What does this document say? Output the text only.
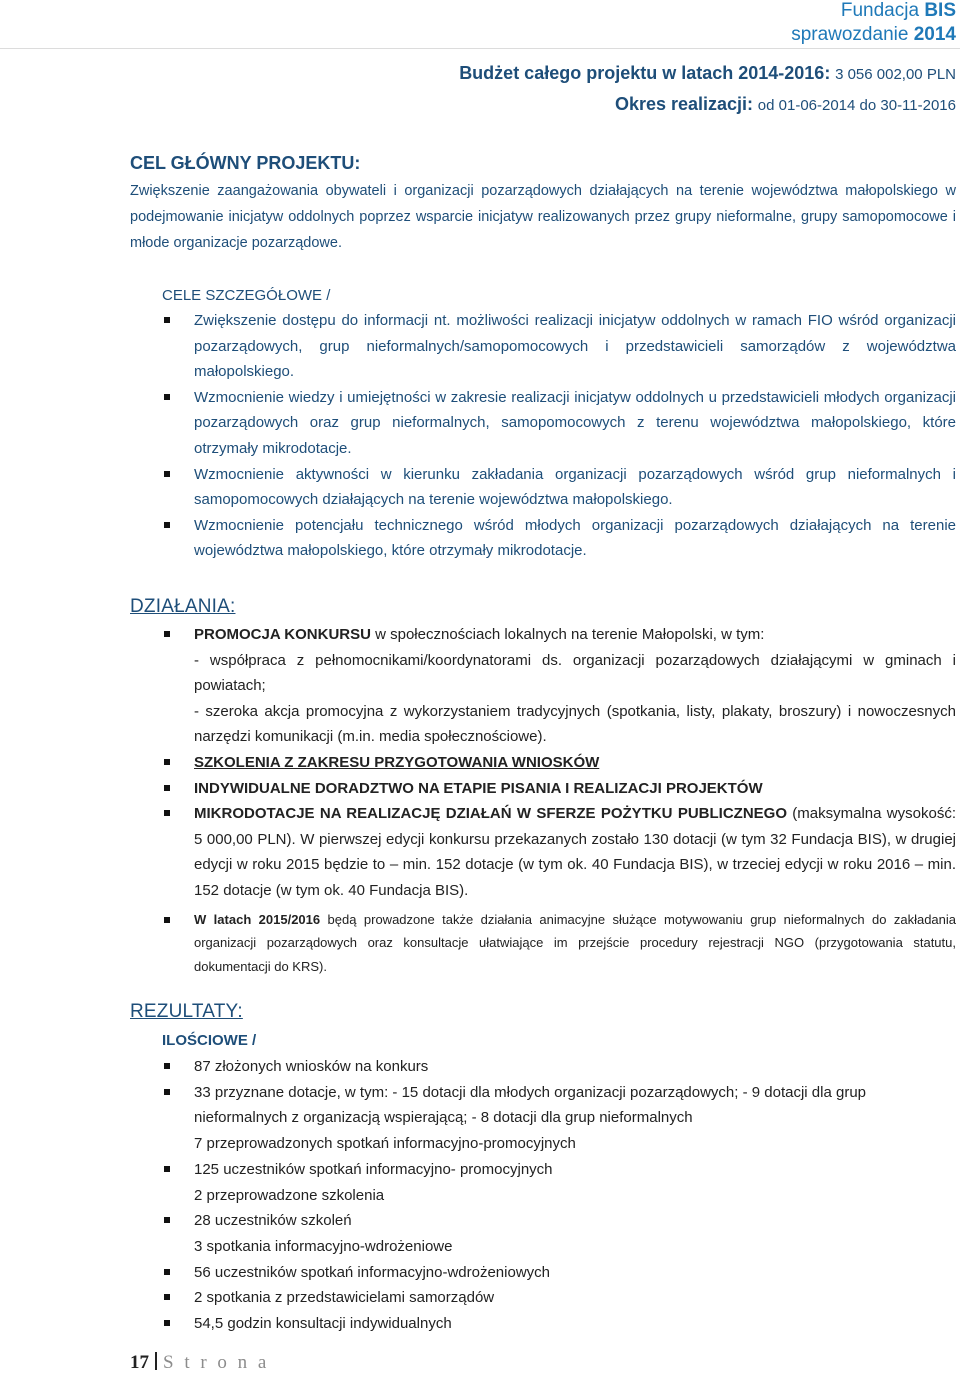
Fundacja BIS
sprawozdanie 2014
Budżet całego projektu w latach 2014-2016: 3 056 002,00 PLN
Okres realizacji: od 01-06-2014 do 30-11-2016
CEL GŁÓWNY PROJEKTU:

Zwiększenie zaangażowania obywateli i organizacji pozarządowych działających na terenie województwa małopolskiego w podejmowanie inicjatyw oddolnych poprzez wsparcie inicjatyw realizowanych przez grupy nieformalne, grupy samopomocowe i młode organizacje pozarządowe.

CELE SZCZEGÓŁOWE /
Zwiększenie dostępu do informacji nt. możliwości realizacji inicjatyw oddolnych w ramach FIO wśród organizacji pozarządowych, grup nieformalnych/samopomocowych i przedstawicieli samorządów z województwa małopolskiego.
Wzmocnienie wiedzy i umiejętności w zakresie realizacji inicjatyw oddolnych u przedstawicieli młodych organizacji pozarządowych oraz grup nieformalnych, samopomocowych z terenu województwa małopolskiego, które otrzymały mikrodotacje.
Wzmocnienie aktywności w kierunku zakładania organizacji pozarządowych wśród grup nieformalnych i samopomocowych działających na terenie województwa małopolskiego.
Wzmocnienie potencjału technicznego wśród młodych organizacji pozarządowych działających na terenie województwa małopolskiego, które otrzymały mikrodotacje.
DZIAŁANIA:
PROMOCJA KONKURSU w społecznościach lokalnych na terenie Małopolski, w tym:
- współpraca z pełnomocnikami/koordynatorami ds. organizacji pozarządowych działającymi w gminach i powiatach;
- szeroka akcja promocyjna z wykorzystaniem tradycyjnych (spotkania, listy, plakaty, broszury) i nowoczesnych narzędzi komunikacji (m.in. media społecznościowe).
SZKOLENIA Z ZAKRESU PRZYGOTOWANIA WNIOSKÓW
INDYWIDUALNE DORADZTWO NA ETAPIE PISANIA I REALIZACJI PROJEKTÓW
MIKRODOTACJE NA REALIZACJĘ DZIAŁAŃ W SFERZE POŻYTKU PUBLICZNEGO (maksymalna wysokość: 5 000,00 PLN). W pierwszej edycji konkursu przekazanych zostało 130 dotacji (w tym 32 Fundacja BIS), w drugiej edycji w roku 2015 będzie to – min. 152 dotacje (w tym ok. 40 Fundacja BIS), w trzeciej edycji w roku 2016 – min. 152 dotacje (w tym ok. 40 Fundacja BIS).
W latach 2015/2016 będą prowadzone także działania animacyjne służące motywowaniu grup nieformalnych do zakładania organizacji pozarządowych oraz konsultacje ułatwiające im przejście procedury rejestracji NGO (przygotowania statutu, dokumentacji do KRS).
REZULTATY:
ILOŚCIOWE /
87 złożonych wniosków na konkurs
33 przyznane dotacje, w tym: - 15 dotacji dla młodych organizacji pozarządowych; - 9 dotacji dla grup nieformalnych z organizacją wspierającą; - 8 dotacji dla grup nieformalnych
7 przeprowadzonych spotkań informacyjno-promocyjnych
125 uczestników spotkań informacyjno- promocyjnych
2 przeprowadzone szkolenia
28 uczestników szkoleń
3 spotkania informacyjno-wdrożeniowe
56 uczestników spotkań informacyjno-wdrożeniowych
2 spotkania z przedstawicielami samorządów
54,5 godzin konsultacji indywidualnych
17 S t r o n a
